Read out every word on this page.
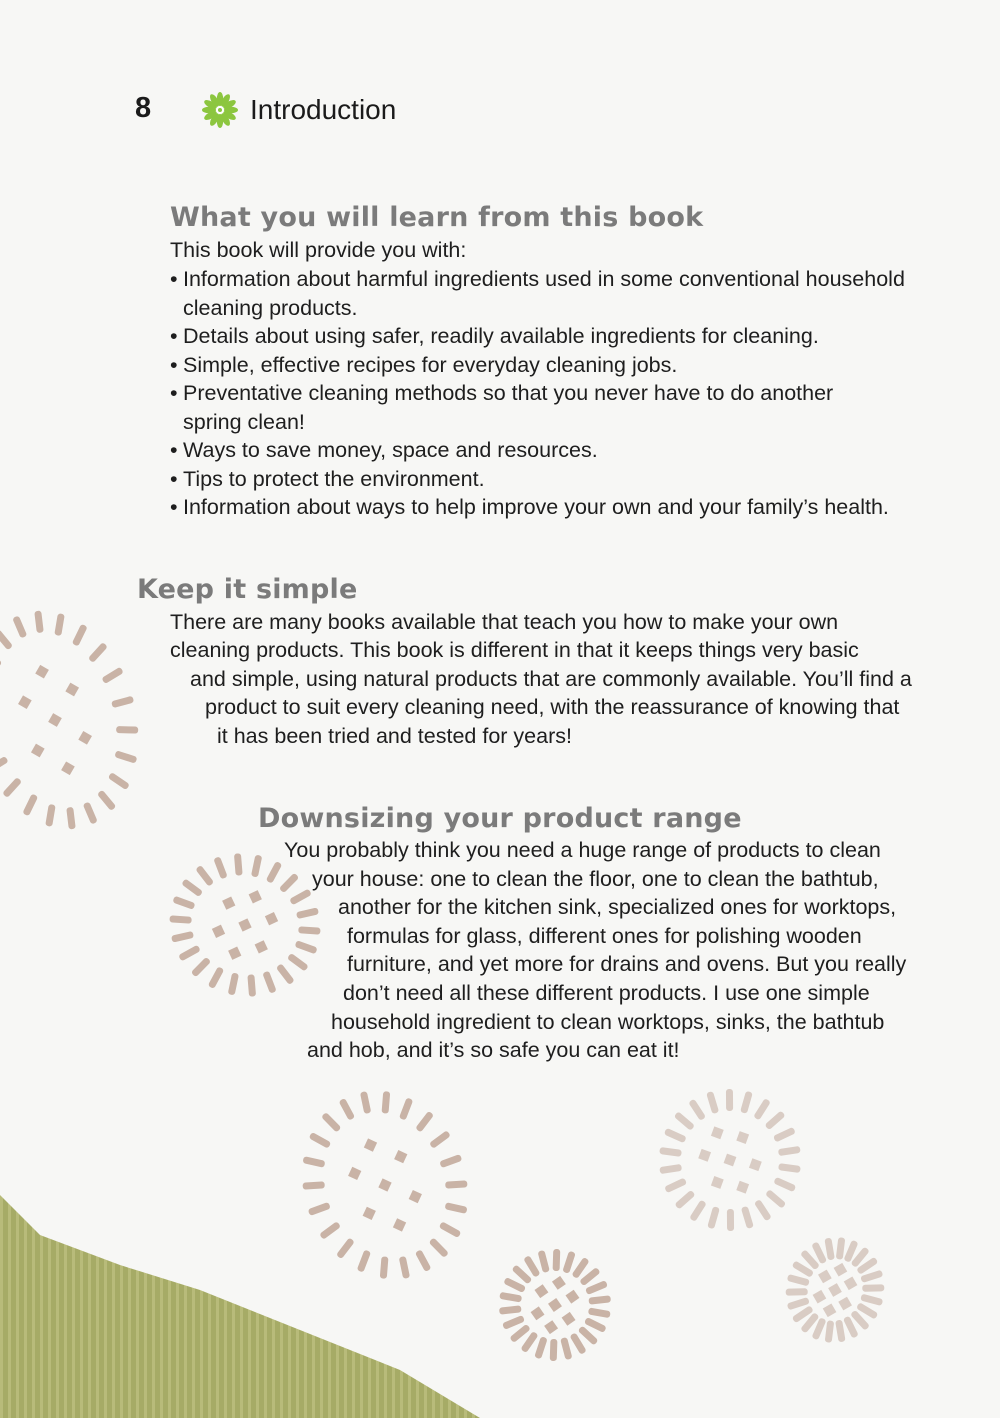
8	Introduction
What you will learn from this book
This book will provide you with:
• Information about harmful ingredients used in some conventional household
cleaning products.
• Details about using safer, readily available ingredients for cleaning.
• Simple, effective recipes for everyday cleaning jobs.
• Preventative cleaning methods so that you never have to do another
spring clean!
• Ways to save money, space and resources.
• Tips to protect the environment.
• Information about ways to help improve your own and your family’s health.
Keep it simple
There are many books available that teach you how to make your own
cleaning products. This book is different in that it keeps things very basic
and simple, using natural products that are commonly available. You’ll find a
product to suit every cleaning need, with the reassurance of knowing that
it has been tried and tested for years!
Downsizing your product range
You probably think you need a huge range of products to clean
your house: one to clean the floor, one to clean the bathtub,
another for the kitchen sink, specialized ones for worktops,
formulas for glass, different ones for polishing wooden
furniture, and yet more for drains and ovens. But you really
don’t need all these different products. I use one simple
household ingredient to clean worktops, sinks, the bathtub
and hob, and it’s so safe you can eat it!
